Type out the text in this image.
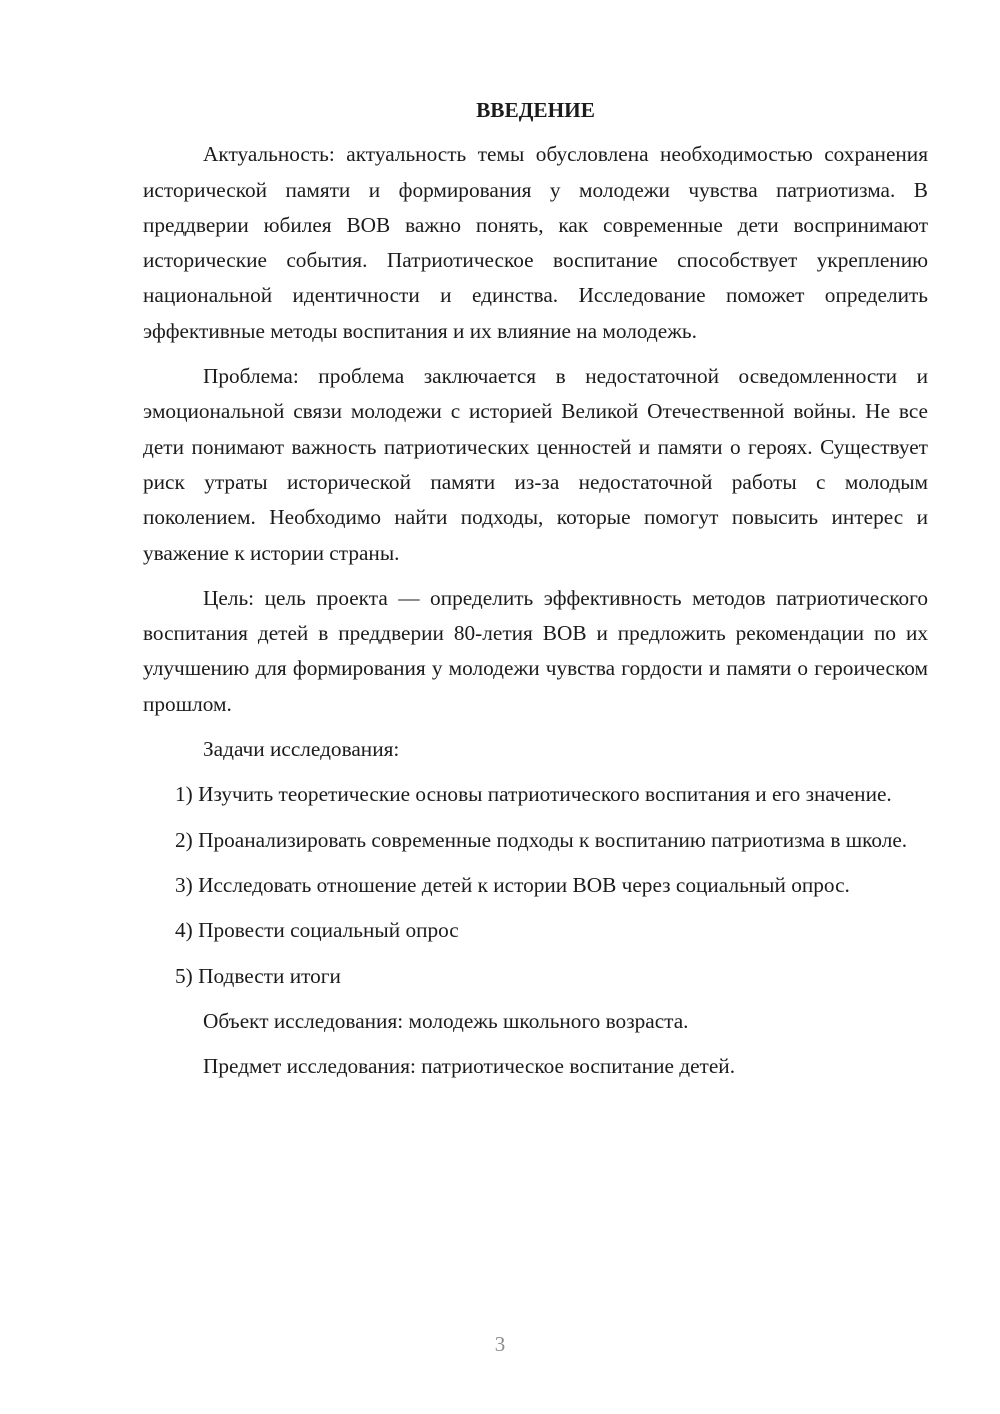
ВВЕДЕНИЕ

Актуальность: актуальность темы обусловлена необходимостью сохранения исторической памяти и формирования у молодежи чувства патриотизма. В преддверии юбилея ВОВ важно понять, как современные дети воспринимают исторические события. Патриотическое воспитание способствует укреплению национальной идентичности и единства. Исследование поможет определить эффективные методы воспитания и их влияние на молодежь.

Проблема: проблема заключается в недостаточной осведомленности и эмоциональной связи молодежи с историей Великой Отечественной войны. Не все дети понимают важность патриотических ценностей и памяти о героях. Существует риск утраты исторической памяти из-за недостаточной работы с молодым поколением. Необходимо найти подходы, которые помогут повысить интерес и уважение к истории страны.

Цель: цель проекта — определить эффективность методов патриотического воспитания детей в преддверии 80-летия ВОВ и предложить рекомендации по их улучшению для формирования у молодежи чувства гордости и памяти о героическом прошлом.

Задачи исследования:

1) Изучить теоретические основы патриотического воспитания и его значение.

2) Проанализировать современные подходы к воспитанию патриотизма в школе.

3) Исследовать отношение детей к истории ВОВ через социальный опрос.

4) Провести социальный опрос

5) Подвести итоги

Объект исследования: молодежь школьного возраста.

Предмет исследования: патриотическое воспитание детей.

3
